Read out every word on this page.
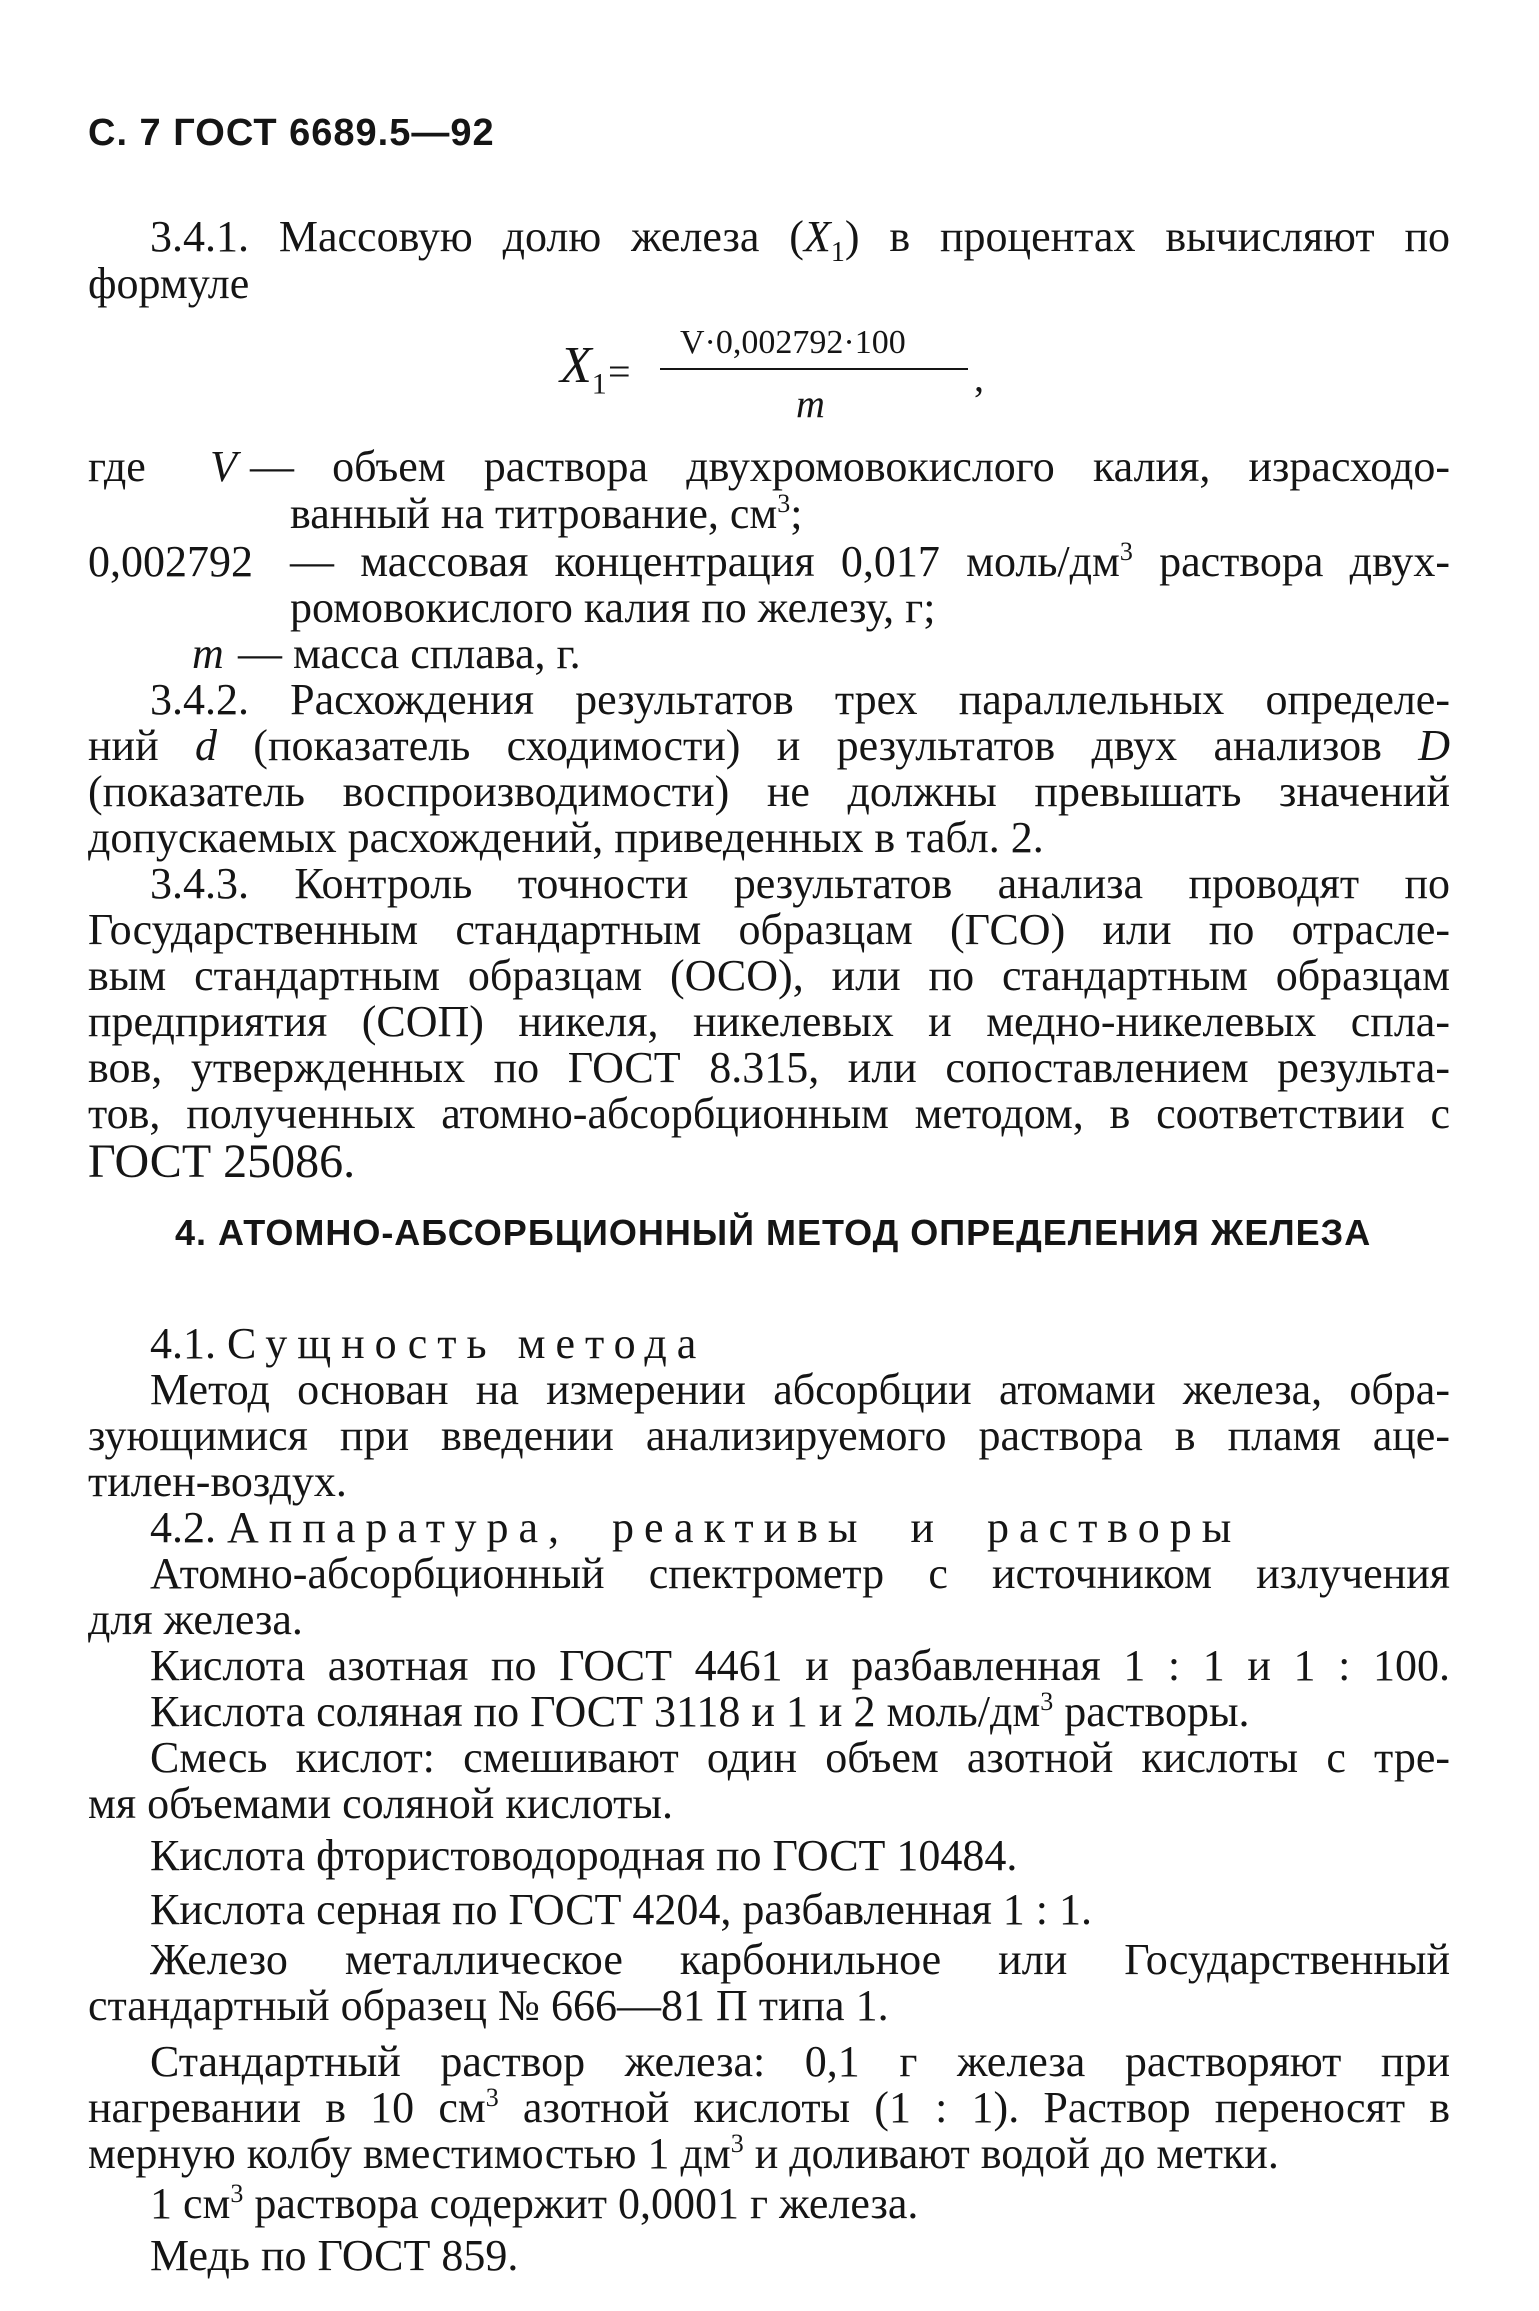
С. 7 ГОСТ 6689.5—92
3.4.1. Массовую долю железа $(X_1)$ в процентах вычисляют по
формуле
$X_1$ =
V·0,002792·100
m
,
где V — объем раствора двухромовокислого калия, израсходо-
ванный на титрование, $см^3$;
0,002792 — массовая концентрация 0,017 моль/$дм^3$ раствора двух-
ромовокислого калия по железу, г;
m — масса сплава, г.
3.4.2. Расхождения результатов трех параллельных определе-
ний d (показатель сходимости) и результатов двух анализов D
(показатель воспроизводимости) не должны превышать значений
допускаемых расхождений, приведенных в табл. 2.
3.4.3. Контроль точности результатов анализа проводят по
Государственным стандартным образцам (ГСО) или по отрасле-
вым стандартным образцам (ОСО), или по стандартным образцам
предприятия (СОП) никеля, никелевых и медно-никелевых спла-
вов, утвержденных по ГОСТ 8.315, или сопоставлением результа-
тов, полученных атомно-абсорбционным методом, в соответствии с
ГОСТ 25086.
4. АТОМНО-АБСОРБЦИОННЫЙ МЕТОД ОПРЕДЕЛЕНИЯ ЖЕЛЕЗА
4.1. Сущность метода
Метод основан на измерении абсорбции атомами железа, обра-
зующимися при введении анализируемого раствора в пламя аце-
тилен-воздух.
4.2. Аппаратура, реактивы и растворы
Атомно-абсорбционный спектрометр с источником излучения
для железа.
Кислота азотная по ГОСТ 4461 и разбавленная 1 : 1 и 1 : 100.
Кислота соляная по ГОСТ 3118 и 1 и 2 моль/$дм^3$ растворы.
Смесь кислот: смешивают один объем азотной кислоты с тре-
мя объемами соляной кислоты.
Кислота фтористоводородная по ГОСТ 10484.
Кислота серная по ГОСТ 4204, разбавленная 1 : 1.
Железо металлическое карбонильное или Государственный
стандартный образец № 666—81 П типа 1.
Стандартный раствор железа: 0,1 г железа растворяют при
нагревании в 10 $см^3$ азотной кислоты (1 : 1). Раствор переносят в
мерную колбу вместимостью 1 $дм^3$ и доливают водой до метки.
1 $см^3$ раствора содержит 0,0001 г железа.
Медь по ГОСТ 859.
